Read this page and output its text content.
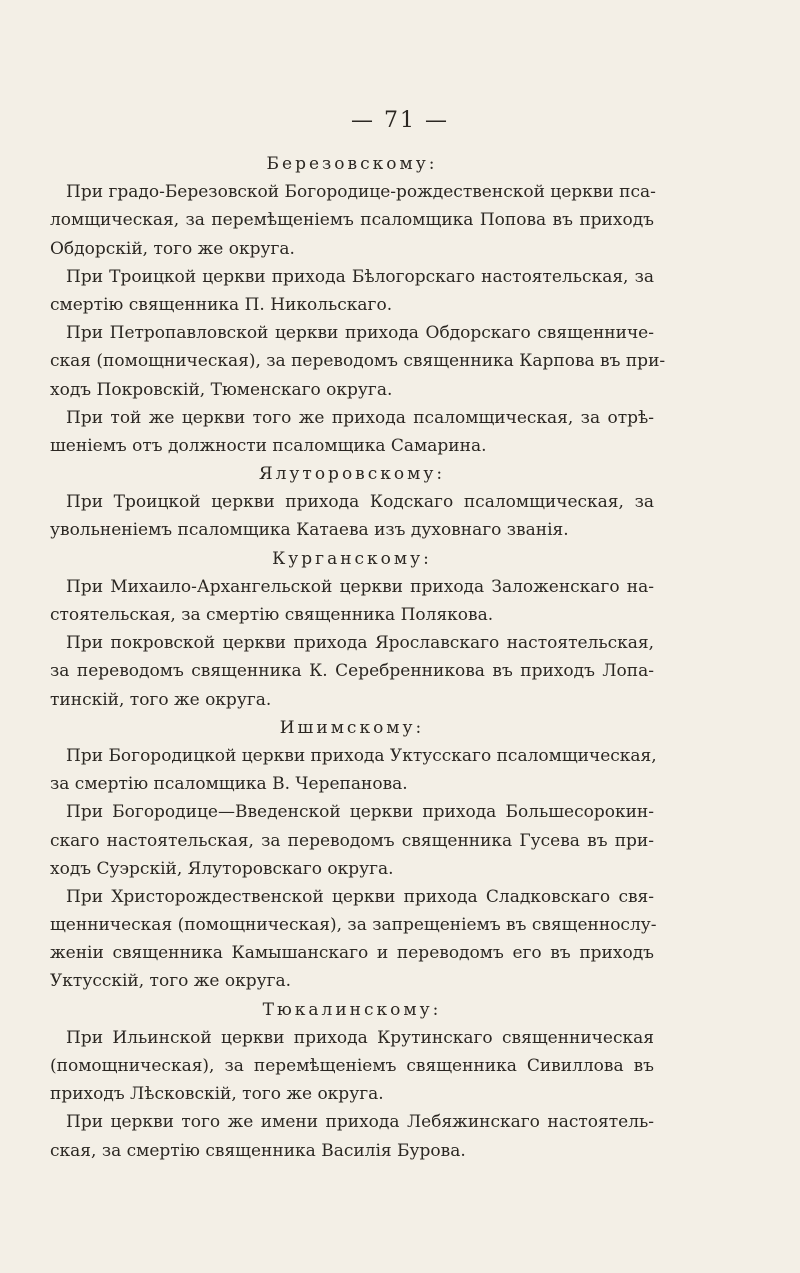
— 71 —
Березовскому:
При градо-Березовской Богородице-рождественской церкви пса-
ломщическая, за перемѣщеніемъ псаломщика Попова въ приходъ
Обдорскій, того же округа.
При Троицкой церкви прихода Бѣлогорскаго настоятельская, за
смертію священника П. Никольскаго.
При Петропавловской церкви прихода Обдорскаго священниче-
ская (помощническая), за переводомъ священника Карпова въ при-
ходъ Покровскій, Тюменскаго округа.
При той же церкви того же прихода псаломщическая, за отрѣ-
шеніемъ отъ должности псаломщика Самарина.
Ялуторовскому:
При Троицкой церкви прихода Кодскаго псаломщическая, за
увольненіемъ псаломщика Катаева изъ духовнаго званія.
Курганскому:
При Михаило-Архангельской церкви прихода Заложенскаго на-
стоятельская, за смертію священника Полякова.
При покровской церкви прихода Ярославскаго настоятельская,
за переводомъ священника К. Серебренникова въ приходъ Лопа-
тинскій, того же округа.
Ишимскому:
При Богородицкой церкви прихода Уктусскаго псаломщическая,
за смертію псаломщика В. Черепанова.
При Богородице—Введенской церкви прихода Большесорокин-
скаго настоятельская, за переводомъ священника Гусева въ при-
ходъ Суэрскій, Ялуторовскаго округа.
При Христорождественской церкви прихода Сладковскаго свя-
щенническая (помощническая), за запрещеніемъ въ священнослу-
женіи священника Камышанскаго и переводомъ его въ приходъ
Уктусскій, того же округа.
Тюкалинскому:
При Ильинской церкви прихода Крутинскаго священническая
(помощническая), за перемѣщеніемъ священника Сивиллова въ
приходъ Лѣсковскій, того же округа.
При церкви того же имени прихода Лебяжинскаго настоятель-
ская, за смертію священника Василія Бурова.
